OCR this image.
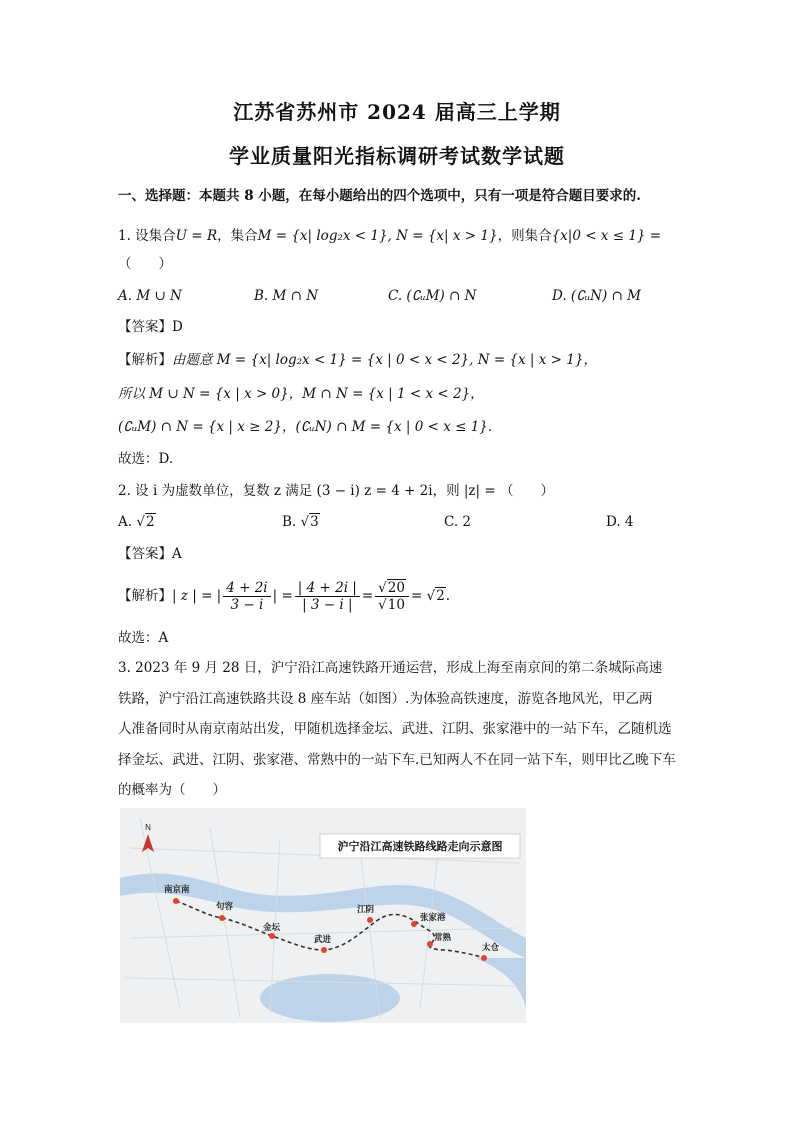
江苏省苏州市 2024 届高三上学期
学业质量阳光指标调研考试数学试题
一、选择题：本题共 8 小题，在每小题给出的四个选项中，只有一项是符合题目要求的.
1. 设集合U = R，集合M = {x| log₂x < 1}, N = {x| x > 1}，则集合{x|0 < x ≤ 1} =
（　　）
A. M ∪ N	B. M ∩ N	C. (∁ᵤM) ∩ N	D. (∁ᵤN) ∩ M
【答案】D
【解析】由题意 M = {x| log₂x < 1} = {x | 0 < x < 2}, N = {x | x > 1}，
所以 M ∪ N = {x | x > 0}，M ∩ N = {x | 1 < x < 2}，
(∁ᵤM) ∩ N = {x | x ≥ 2}，(∁ᵤN) ∩ M = {x | 0 < x ≤ 1}.
故选：D.
2. 设 i 为虚数单位，复数 z 满足 (3 − i) z = 4 + 2i，则 |z| = （　　）
A. √2	B. √3	C. 2	D. 4
【答案】A
【解析】| z | = | $\frac{4 + 2i}{3 - i}$ | = $\frac{| 4 + 2i |}{| 3 - i |} = \frac{√20}{√10} = √2$.
故选：A
3. 2023 年 9 月 28 日，沪宁沿江高速铁路开通运营，形成上海至南京间的第二条城际高速
铁路，沪宁沿江高速铁路共设 8 座车站（如图）.为体验高铁速度，游览各地风光，甲乙两
人准备同时从南京南站出发，甲随机选择金坛、武进、江阴、张家港中的一站下车，乙随机选
择金坛、武进、江阴、张家港、常熟中的一站下车.已知两人不在同一站下车，则甲比乙晚下车
的概率为（　　）
N
沪宁沿江高速铁路线路走向示意图
南京南
句容
金坛
武进
江阴
张家港
常熟
太仓
